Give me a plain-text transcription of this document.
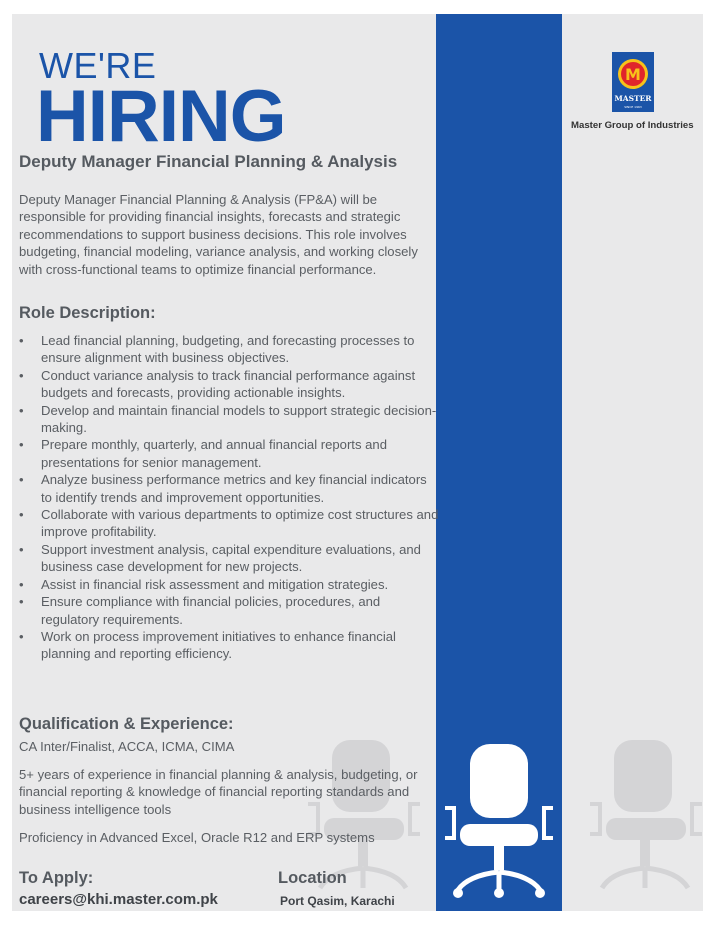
WE'RE
HIRING
Deputy Manager Financial Planning & Analysis
Deputy Manager Financial Planning & Analysis (FP&A) will be responsible for providing financial insights, forecasts and strategic recommendations to support business decisions. This role involves budgeting, financial modeling, variance analysis, and working closely with cross-functional teams to optimize financial performance.
Role Description:
• Lead financial planning, budgeting, and forecasting processes to ensure alignment with business objectives.
• Conduct variance analysis to track financial performance against budgets and forecasts, providing actionable insights.
• Develop and maintain financial models to support strategic decision-making.
• Prepare monthly, quarterly, and annual financial reports and presentations for senior management.
• Analyze business performance metrics and key financial indicators to identify trends and improvement opportunities.
• Collaborate with various departments to optimize cost structures and improve profitability.
• Support investment analysis, capital expenditure evaluations, and business case development for new projects.
• Assist in financial risk assessment and mitigation strategies.
• Ensure compliance with financial policies, procedures, and regulatory requirements.
• Work on process improvement initiatives to enhance financial planning and reporting efficiency.
Qualification & Experience:
CA Inter/Finalist, ACCA, ICMA, CIMA
5+ years of experience in financial planning & analysis, budgeting, or financial reporting & knowledge of financial reporting standards and business intelligence tools
Proficiency in Advanced Excel, Oracle R12 and ERP systems
To Apply:
careers@khi.master.com.pk
Location
Port Qasim, Karachi
M
MASTER
SINCE 1963
Master Group of Industries
